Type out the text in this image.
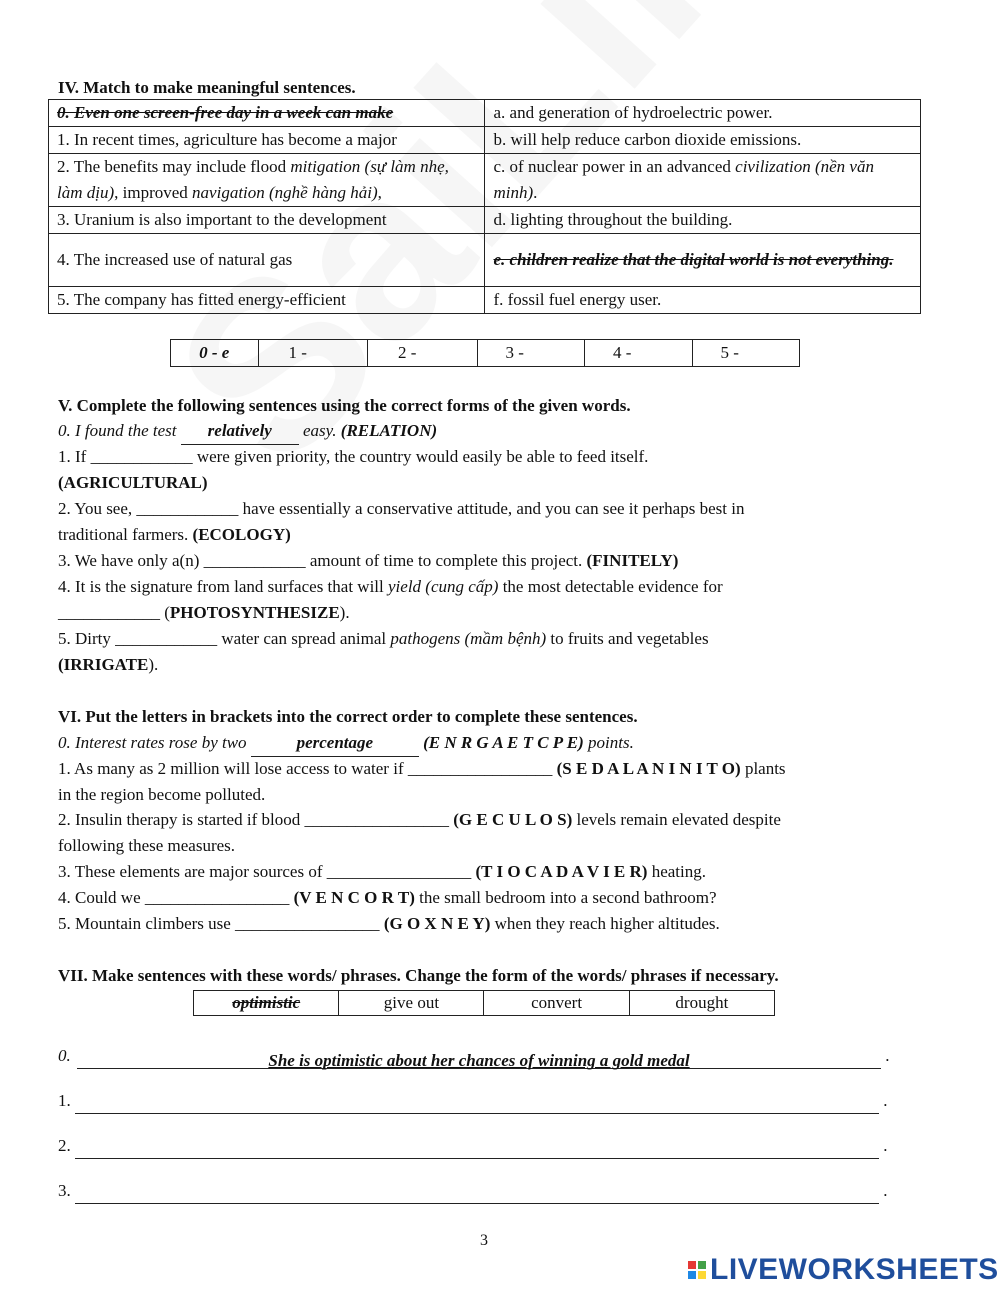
IV. Match to make meaningful sentences.
0. Even one screen-free day in a week can make	a. and generation of hydroelectric power.
1. In recent times, agriculture has become a major	b. will help reduce carbon dioxide emissions.
2. The benefits may include flood mitigation (sự làm nhẹ, làm dịu), improved navigation (nghề hàng hải),	c. of nuclear power in an advanced civilization (nền văn minh).
3. Uranium is also important to the development	d. lighting throughout the building.
4. The increased use of natural gas	e. children realize that the digital world is not everything.
5. The company has fitted energy-efficient	f. fossil fuel energy user.
0 - e	1 -	2 -	3 -	4 -	5 -
V. Complete the following sentences using the correct forms of the given words.
0. I found the test relatively easy. (RELATION)
1. If ____________ were given priority, the country would easily be able to feed itself.
(AGRICULTURAL)
2. You see, ____________ have essentially a conservative attitude, and you can see it perhaps best in
traditional farmers. (ECOLOGY)
3. We have only a(n) ____________ amount of time to complete this project. (FINITELY)
4. It is the signature from land surfaces that will yield (cung cấp) the most detectable evidence for
____________ (PHOTOSYNTHESIZE).
5. Dirty ____________ water can spread animal pathogens (mầm bệnh) to fruits and vegetables
(IRRIGATE).
VI. Put the letters in brackets into the correct order to complete these sentences.
0. Interest rates rose by two	percentage	(E N R G A E T C P E) points.
1. As many as 2 million will lose access to water if _________________ (S E D A L A N I N I T O) plants
in the region become polluted.
2. Insulin therapy is started if blood _________________ (G E C U L O S) levels remain elevated despite
following these measures.
3. These elements are major sources of _________________ (T I O C A D A V I E R) heating.
4. Could we _________________ (V E N C O R T) the small bedroom into a second bathroom?
5. Mountain climbers use _________________ (G O X N E Y) when they reach higher altitudes.
VII. Make sentences with these words/ phrases. Change the form of the words/ phrases if necessary.
optimistic	give out	convert	drought
0.	She is optimistic about her chances of winning a gold medal	.
1.	.
2.	.
3.	.
3
LIVEWORKSHEETS
